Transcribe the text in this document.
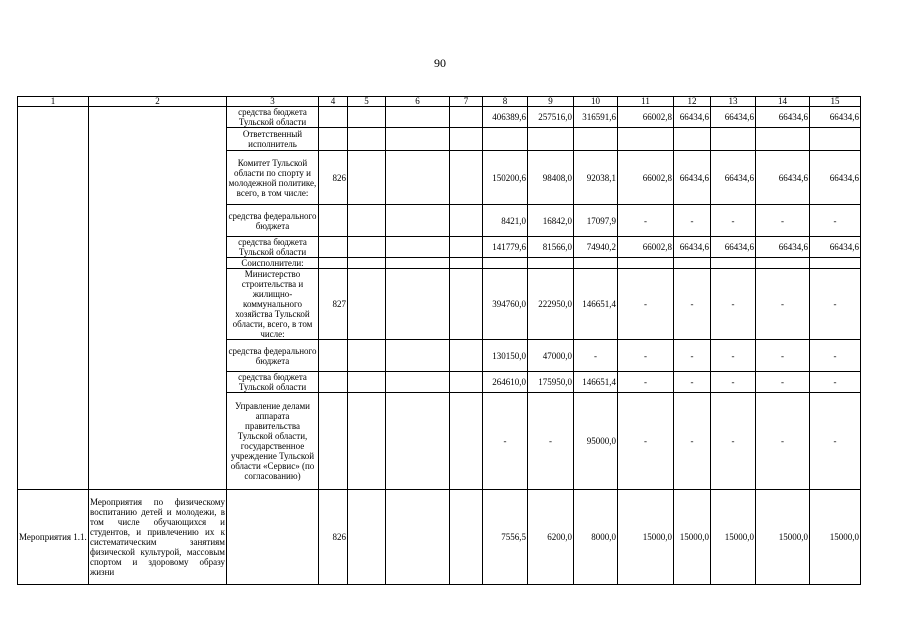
90
1	2	3	4	5	6	7	8	9	10	11	12	13	14	15
		средства бюджета Тульской области					406389,6	257516,0	316591,6	66002,8	66434,6	66434,6	66434,6	66434,6
		Ответственный исполнитель												
		Комитет Тульской области по спорту и молодежной политике, всего, в том числе:	826				150200,6	98408,0	92038,1	66002,8	66434,6	66434,6	66434,6	66434,6
		средства федерального бюджета					8421,0	16842,0	17097,9	-	-	-	-	-
		средства бюджета Тульской области					141779,6	81566,0	74940,2	66002,8	66434,6	66434,6	66434,6	66434,6
		Соисполнители:												
		Министерство строительства и жилищно-коммунального хозяйства Тульской области, всего, в том числе:	827				394760,0	222950,0	146651,4	-	-	-	-	-
		средства федерального бюджета					130150,0	47000,0	-	-	-	-	-	-
		средства бюджета Тульской области					264610,0	175950,0	146651,4	-	-	-	-	-
		Управление делами аппарата правительства Тульской области, государственное учреждение Тульской области «Сервис» (по согласованию)					-	-	95000,0	-	-	-	-	-
Мероприятия 1.1.	Мероприятия по физическому воспитанию детей и молодежи, в том числе обучающихся и студентов, и привлечению их к систематическим занятиям физической культурой, массовым спортом и здоровому образу жизни		826				7556,5	6200,0	8000,0	15000,0	15000,0	15000,0	15000,0	15000,0
